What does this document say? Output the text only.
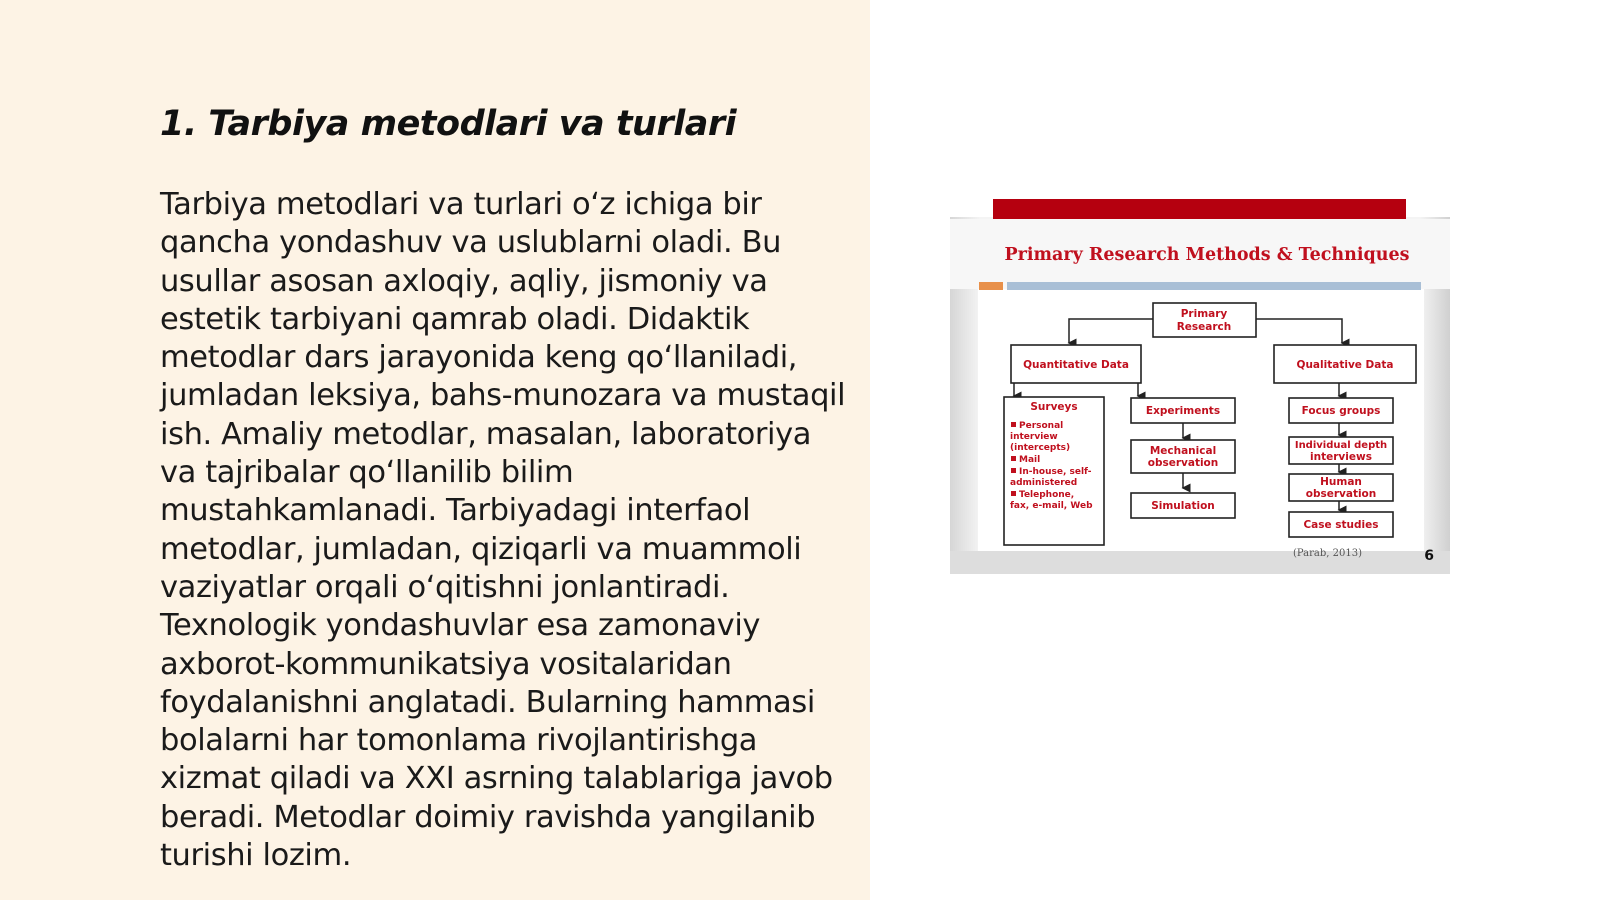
1. Tarbiya metodlari va turlari

Tarbiya metodlari va turlari o‘z ichiga bir qancha yondashuv va uslublarni oladi. Bu usullar asosan axloqiy, aqliy, jismoniy va estetik tarbiyani qamrab oladi. Didaktik metodlar dars jarayonida keng qo‘llaniladi, jumladan leksiya, bahs-munozara va mustaqil ish. Amaliy metodlar, masalan, laboratoriya va tajribalar qo‘llanilib bilim mustahkamlanadi. Tarbiyadagi interfaol metodlar, jumladan, qiziqarli va muammoli vaziyatlar orqali o‘qitishni jonlantiradi. Texnologik yondashuvlar esa zamonaviy axborot-kommunikatsiya vositalaridan foydalanishni anglatadi. Bularning hammasi bolalarni har tomonlama rivojlantirishga xizmat qiladi va XXI asrning talablariga javob beradi. Metodlar doimiy ravishda yangilanib turishi lozim.

Primary Research Methods & Techniques
Primary
Research
Quantitative Data	Qualitative Data
Surveys	Experiments
Mechanical
observation
Simulation
Focus groups
Individual depth
interviews
Human
observation
Case studies
Personal
interview
(intercepts)
Mail
In-house, self-
administered
Telephone,
fax, e-mail, Web
(Parab, 2013)	6
